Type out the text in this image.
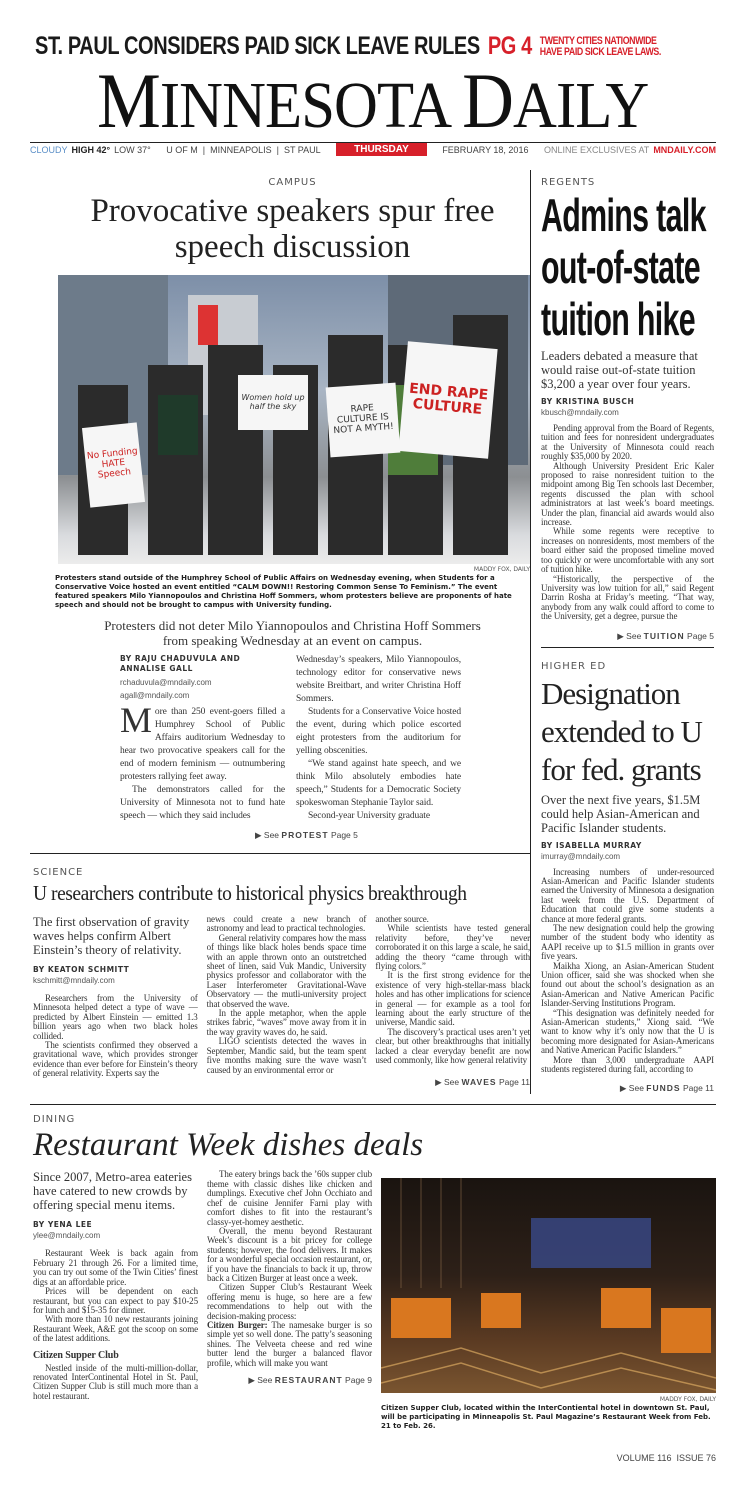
ST. PAUL CONSIDERS PAID SICK LEAVE RULES PG 4 TWENTY CITIES NATIONWIDE
HAVE PAID SICK LEAVE LAWS.
MINNESOTA DAILY
CLOUDY HIGH 42° LOW 37° U OF M  |  MINNEAPOLIS  |  ST PAUL	THURSDAY	FEBRUARY 18, 2016 ONLINE EXCLUSIVES AT MNDAILY.COM
CAMPUS
Provocative speakers spur free speech discussion
No Funding HATE Speech
Women hold up half the sky	RAPE CULTURE IS NOT A MYTH!
END RAPE CULTURE
MADDY FOX, DAILY
Protesters stand outside of the Humphrey School of Public Affairs on Wednesday evening, when Students for a Conservative Voice hosted an event entitled “CALM DOWN!! Restoring Common Sense To Feminism.” The event featured speakers Milo Yiannopoulos and Christina Hoff Sommers, whom protesters believe are proponents of hate speech and should not be brought to campus with University funding.
Protesters did not deter Milo Yiannopoulos and Christina Hoff Sommers from speaking Wednesday at an event on campus.
BY RAJU CHADUVULA AND ANNALISE GALL
rchaduvula@mndaily.com
agall@mndaily.com

More than 250 event-goers filled a Humphrey School of Public Affairs auditorium Wednesday to hear two provocative speakers call for the end of modern feminism — outnumbering protesters rallying feet away.

The demonstrators called for the University of Minnesota not to fund hate speech — which they said includes

Wednesday’s speakers, Milo Yiannopoulos, technology editor for conservative news website Breitbart, and writer Christina Hoff Sommers.

Students for a Conservative Voice hosted the event, during which police escorted eight protesters from the auditorium for yelling obscenities.

“We stand against hate speech, and we think Milo absolutely embodies hate speech,” Students for a Democratic Society spokeswoman Stephanie Taylor said.

Second-year University graduate

▶ See PROTEST Page 5
SCIENCE
U researchers contribute to historical physics breakthrough
The first observation of gravity waves helps confirm Albert Einstein’s theory of relativity.
BY KEATON SCHMITT
kschmitt@mndaily.com

Researchers from the University of Minnesota helped detect a type of wave — predicted by Albert Einstein — emitted 1.3 billion years ago when two black holes collided.

The scientists confirmed they observed a gravitational wave, which provides stronger evidence than ever before for Einstein’s theory of general relativity. Experts say the

news could create a new branch of astronomy and lead to practical technologies.

General relativity compares how the mass of things like black holes bends space time with an apple thrown onto an outstretched sheet of linen, said Vuk Mandic, University physics professor and collaborator with the Laser Interferometer Gravitational-Wave Observatory — the mutli-university project that observed the wave.

In the apple metaphor, when the apple strikes fabric, “waves” move away from it in the way gravity waves do, he said.

LIGO scientists detected the waves in September, Mandic said, but the team spent five months making sure the wave wasn’t caused by an environmental error or

another source.

While scientists have tested general relativity before, they’ve never corroborated it on this large a scale, he said, adding the theory “came through with flying colors.”

It is the first strong evidence for the existence of very high-stellar-mass black holes and has other implications for science in general — for example as a tool for learning about the early structure of the universe, Mandic said.

The discovery’s practical uses aren’t yet clear, but other breakthroughs that initially lacked a clear everyday benefit are now used commonly, like how general relativity

▶ See WAVES Page 11
REGENTS
Admins talk out-of-state tuition hike
Leaders debated a measure that would raise out-of-state tuition $3,200 a year over four years.
BY KRISTINA BUSCH
kbusch@mndaily.com

Pending approval from the Board of Regents, tuition and fees for nonresident undergraduates at the University of Minnesota could reach roughly $35,000 by 2020.

Although University President Eric Kaler proposed to raise nonresident tuition to the midpoint among Big Ten schools last December, regents discussed the plan with school administrators at last week’s board meetings. Under the plan, financial aid awards would also increase.

While some regents were receptive to increases on nonresidents, most members of the board either said the proposed timeline moved too quickly or were uncomfortable with any sort of tuition hike.

“Historically, the perspective of the University was low tuition for all,” said Regent Darrin Rosha at Friday’s meeting. “That way, anybody from any walk could afford to come to the University, get a degree, pursue the

▶ See TUITION Page 5
HIGHER ED
Designation extended to U for fed. grants
Over the next five years, $1.5M could help Asian-American and Pacific Islander students.
BY ISABELLA MURRAY
imurray@mndaily.com

Increasing numbers of under-resourced Asian-American and Pacific Islander students earned the University of Minnesota a designation last week from the U.S. Department of Education that could give some students a chance at more federal grants.

The new designation could help the growing number of the student body who identity as AAPI receive up to $1.5 million in grants over five years.

Maikha Xiong, an Asian-American Student Union officer, said she was shocked when she found out about the school’s designation as an Asian-American and Native American Pacific Islander-Serving Institutions Program.

“This designation was definitely needed for Asian-American students,” Xiong said. “We want to know why it’s only now that the U is becoming more designated for Asian-Americans and Native American Pacific Islanders.”

More than 3,000 undergraduate AAPI students registered during fall, according to

▶ See FUNDS Page 11
DINING
Restaurant Week dishes deals
Since 2007, Metro-area eateries have catered to new crowds by offering special menu items.
BY YENA LEE
ylee@mndaily.com

Restaurant Week is back again from February 21 through 26. For a limited time, you can try out some of the Twin Cities’ finest digs at an affordable price.

Prices will be dependent on each restaurant, but you can expect to pay $10-25 for lunch and $15-35 for dinner.

With more than 10 new restaurants joining Restaurant Week, A&E got the scoop on some of the latest additions.

Citizen Supper Club

Nestled inside of the multi-million-dollar, renovated InterContinental Hotel in St. Paul, Citizen Supper Club is still much more than a hotel restaurant.

The eatery brings back the ’60s supper club theme with classic dishes like chicken and dumplings. Executive chef John Occhiato and chef de cuisine Jennifer Farni play with comfort dishes to fit into the restaurant’s classy-yet-homey aesthetic.

Overall, the menu beyond Restaurant Week’s discount is a bit pricey for college students; however, the food delivers. It makes for a wonderful special occasion restaurant, or, if you have the financials to back it up, throw back a Citizen Burger at least once a week.

Citizen Supper Club’s Restaurant Week offering menu is huge, so here are a few recommendations to help out with the decision-making process:

Citizen Burger: The namesake burger is so simple yet so well done. The patty’s seasoning shines. The Velveeta cheese and red wine butter lend the burger a balanced flavor profile, which will make you want

▶ See RESTAURANT Page 9
MADDY FOX, DAILY
Citizen Supper Club, located within the InterContiental hotel in downtown St. Paul, will be participating in Minneapolis St. Paul Magazine’s Restaurant Week from Feb. 21 to Feb. 26.
VOLUME 116  ISSUE 76
